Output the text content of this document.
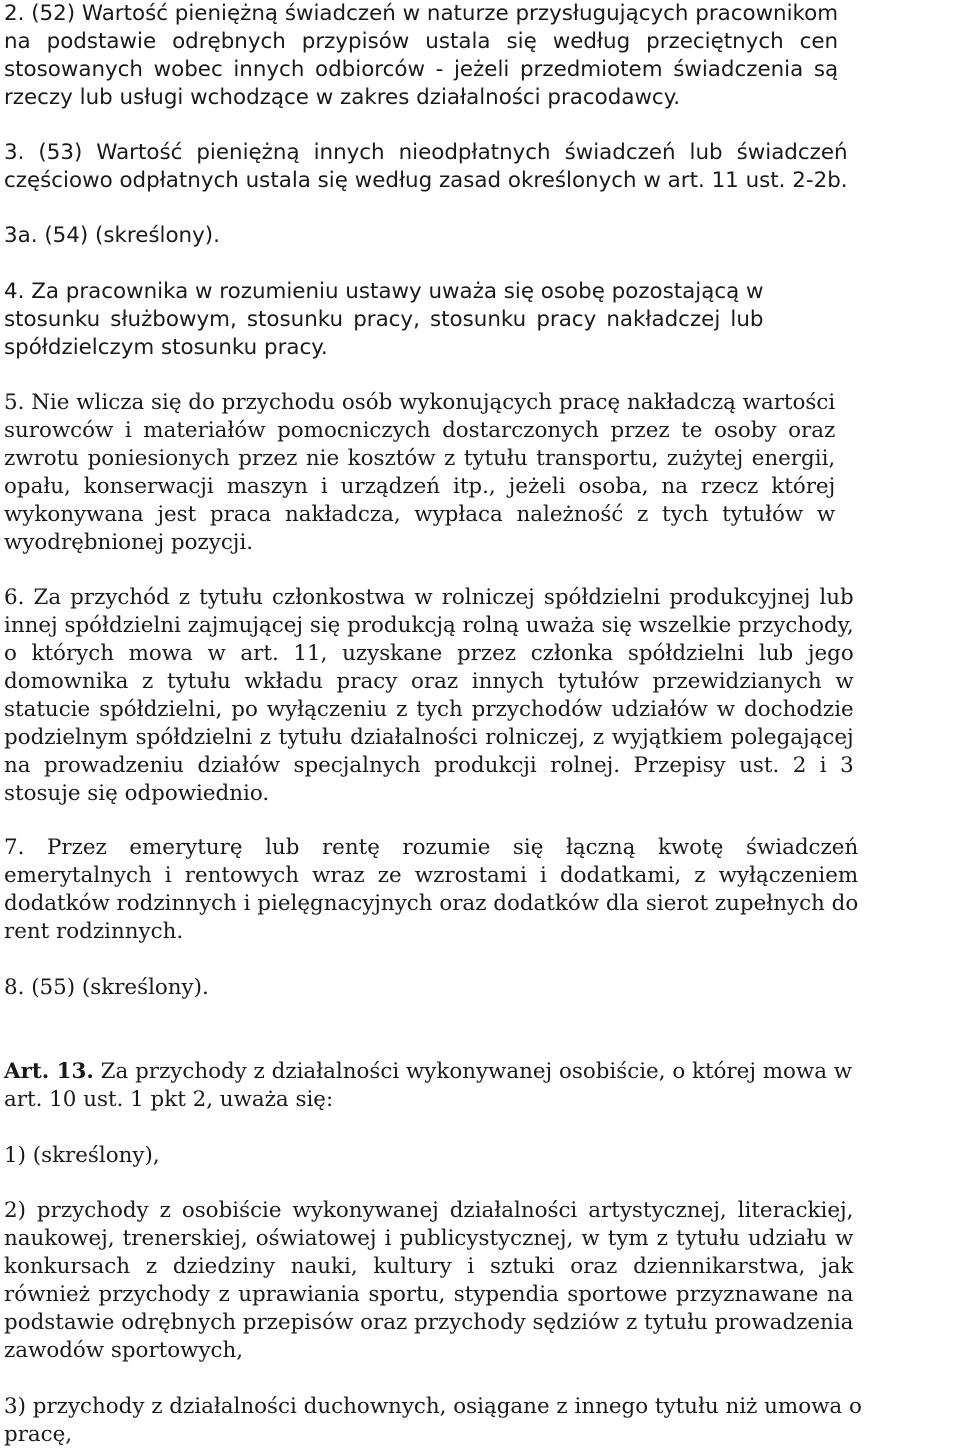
2. (52) Wartość pieniężną świadczeń w naturze przysługujących pracownikom
na podstawie odrębnych przypisów ustala się według przeciętnych cen
stosowanych wobec innych odbiorców - jeżeli przedmiotem świadczenia są
rzeczy lub usługi wchodzące w zakres działalności pracodawcy.
3. (53) Wartość pieniężną innych nieodpłatnych świadczeń lub świadczeń
częściowo odpłatnych ustala się według zasad określonych w art. 11 ust. 2-2b.
3a. (54) (skreślony).
4. Za pracownika w rozumieniu ustawy uważa się osobę pozostającą w
stosunku służbowym, stosunku pracy, stosunku pracy nakładczej lub
spółdzielczym stosunku pracy.
5. Nie wlicza się do przychodu osób wykonujących pracę nakładczą wartości
surowców i materiałów pomocniczych dostarczonych przez te osoby oraz
zwrotu poniesionych przez nie kosztów z tytułu transportu, zużytej energii,
opału, konserwacji maszyn i urządzeń itp., jeżeli osoba, na rzecz której
wykonywana jest praca nakładcza, wypłaca należność z tych tytułów w
wyodrębnionej pozycji.
6. Za przychód z tytułu członkostwa w rolniczej spółdzielni produkcyjnej lub
innej spółdzielni zajmującej się produkcją rolną uważa się wszelkie przychody,
o których mowa w art. 11, uzyskane przez członka spółdzielni lub jego
domownika z tytułu wkładu pracy oraz innych tytułów przewidzianych w
statucie spółdzielni, po wyłączeniu z tych przychodów udziałów w dochodzie
podzielnym spółdzielni z tytułu działalności rolniczej, z wyjątkiem polegającej
na prowadzeniu działów specjalnych produkcji rolnej. Przepisy ust. 2 i 3
stosuje się odpowiednio.
7. Przez emeryturę lub rentę rozumie się łączną kwotę świadczeń
emerytalnych i rentowych wraz ze wzrostami i dodatkami, z wyłączeniem
dodatków rodzinnych i pielęgnacyjnych oraz dodatków dla sierot zupełnych do
rent rodzinnych.
8. (55) (skreślony).
Art. 13. Za przychody z działalności wykonywanej osobiście, o której mowa w
art. 10 ust. 1 pkt 2, uważa się:
1) (skreślony),
2) przychody z osobiście wykonywanej działalności artystycznej, literackiej,
naukowej, trenerskiej, oświatowej i publicystycznej, w tym z tytułu udziału w
konkursach z dziedziny nauki, kultury i sztuki oraz dziennikarstwa, jak
również przychody z uprawiania sportu, stypendia sportowe przyznawane na
podstawie odrębnych przepisów oraz przychody sędziów z tytułu prowadzenia
zawodów sportowych,
3) przychody z działalności duchownych, osiągane z innego tytułu niż umowa o
pracę,
